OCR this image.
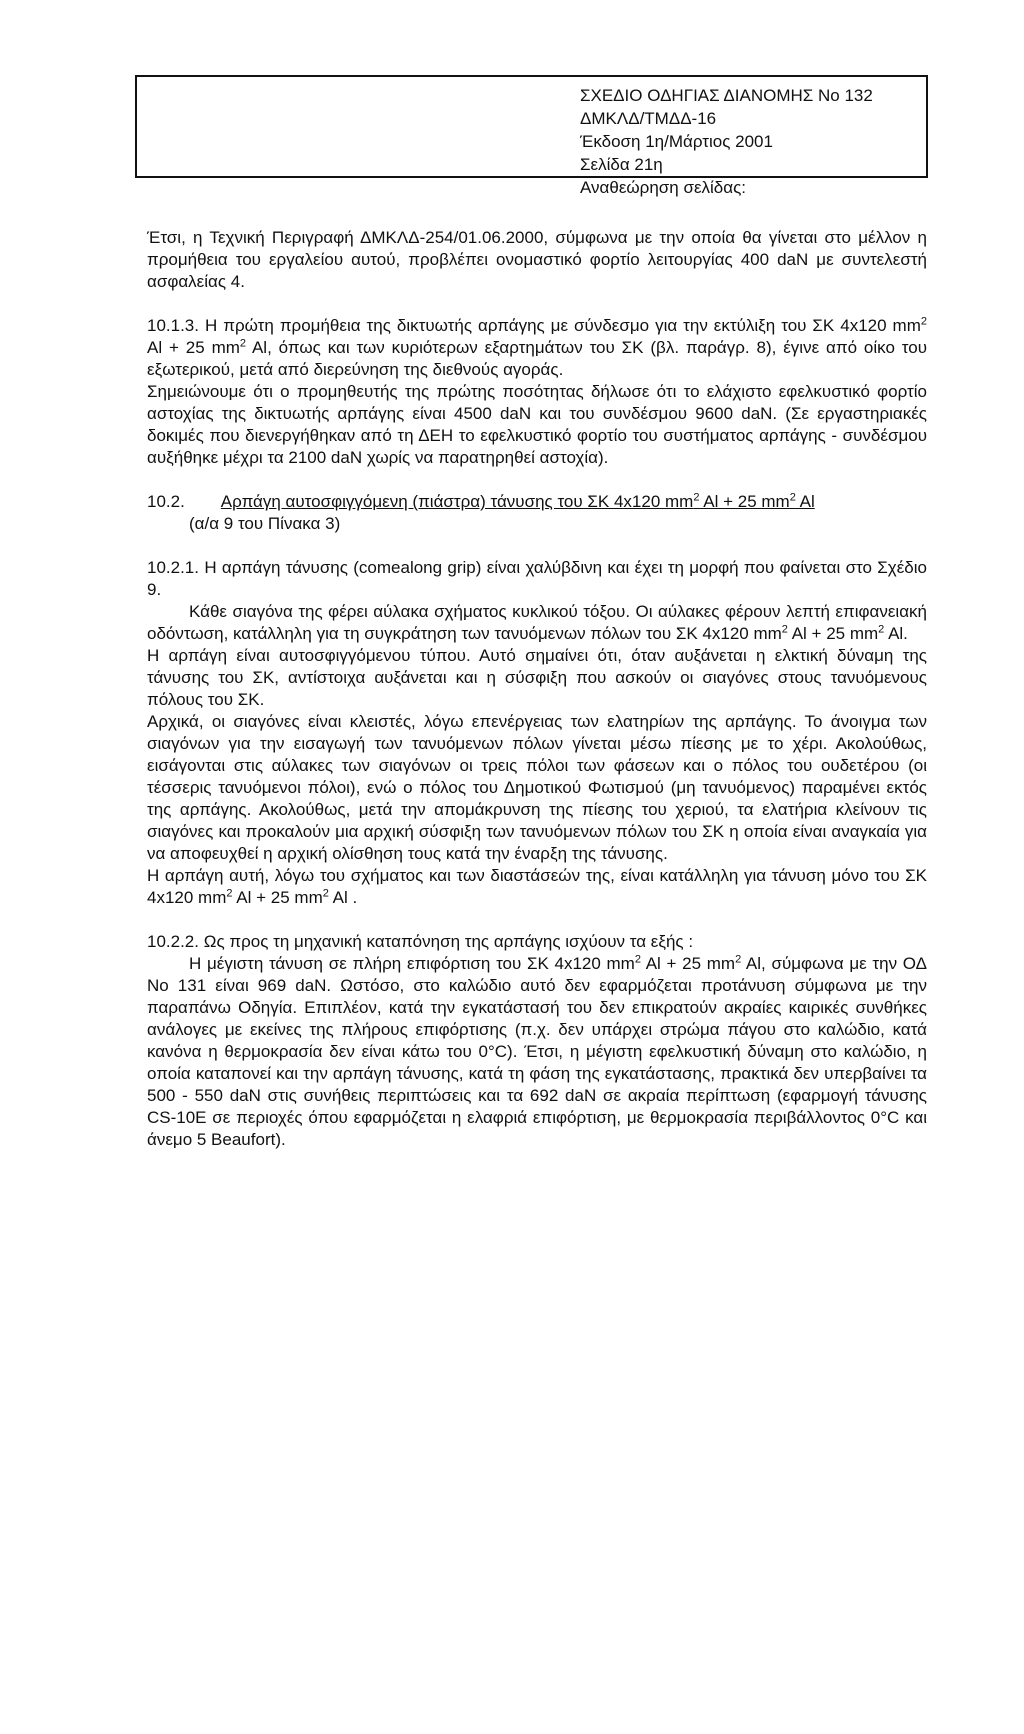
ΣΧΕΔΙΟ ΟΔΗΓΙΑΣ ΔΙΑΝΟΜΗΣ Νο 132
ΔΜΚΛΔ/ΤΜΔΔ-16
Έκδοση 1η/Μάρτιος 2001
Σελίδα 21η
Αναθεώρηση σελίδας:

Έτσι, η Τεχνική Περιγραφή ΔΜΚΛΔ-254/01.06.2000, σύμφωνα με την οποία θα γίνεται στο μέλλον η προμήθεια του εργαλείου αυτού, προβλέπει ονομαστικό φορτίο λειτουργίας 400 daN με συντελεστή ασφαλείας 4.

10.1.3. Η πρώτη προμήθεια της δικτυωτής αρπάγης με σύνδεσμο για την εκτύλιξη του ΣΚ 4x120 $mm^2$ Al + 25 $mm^2$ Al, όπως και των κυριότερων εξαρτημάτων του ΣΚ (βλ. παράγρ. 8), έγινε από οίκο του εξωτερικού, μετά από διερεύνηση της διεθνούς αγοράς.

Σημειώνουμε ότι ο προμηθευτής της πρώτης ποσότητας δήλωσε ότι το ελάχιστο εφελκυστικό φορτίο αστοχίας της δικτυωτής αρπάγης είναι 4500 daN και του συνδέσμου 9600 daN. (Σε εργαστηριακές δοκιμές που διενεργήθηκαν από τη ΔΕΗ το εφελκυστικό φορτίο του συστήματος αρπάγης - συνδέσμου αυξήθηκε μέχρι τα 2100 daN χωρίς να παρατηρηθεί αστοχία).

10.2. Αρπάγη αυτοσφιγγόμενη (πιάστρα) τάνυσης του ΣΚ 4x120 $mm^2$ Al + 25 $mm^2$ Al

(α/α 9 του Πίνακα 3)

10.2.1. Η αρπάγη τάνυσης (comealong grip) είναι χαλύβδινη και έχει τη μορφή που φαίνεται στο Σχέδιο 9.

Κάθε σιαγόνα της φέρει αύλακα σχήματος κυκλικού τόξου. Οι αύλακες φέρουν λεπτή επιφανειακή οδόντωση, κατάλληλη για τη συγκράτηση των τανυόμενων πόλων του ΣΚ 4x120 $mm^2$ Al + 25 $mm^2$ Al.

Η αρπάγη είναι αυτοσφιγγόμενου τύπου. Αυτό σημαίνει ότι, όταν αυξάνεται η ελκτική δύναμη της τάνυσης του ΣΚ, αντίστοιχα αυξάνεται και η σύσφιξη που ασκούν οι σιαγόνες στους τανυόμενους πόλους του ΣΚ.

Αρχικά, οι σιαγόνες είναι κλειστές, λόγω επενέργειας των ελατηρίων της αρπάγης. Το άνοιγμα των σιαγόνων για την εισαγωγή των τανυόμενων πόλων γίνεται μέσω πίεσης με το χέρι. Ακολούθως, εισάγονται στις αύλακες των σιαγόνων οι τρεις πόλοι των φάσεων και ο πόλος του ουδετέρου (οι τέσσερις τανυόμενοι πόλοι), ενώ ο πόλος του Δημοτικού Φωτισμού (μη τανυόμενος) παραμένει εκτός της αρπάγης. Ακολούθως, μετά την απομάκρυνση της πίεσης του χεριού, τα ελατήρια κλείνουν τις σιαγόνες και προκαλούν μια αρχική σύσφιξη των τανυόμενων πόλων του ΣΚ η οποία είναι αναγκαία για να αποφευχθεί η αρχική ολίσθηση τους κατά την έναρξη της τάνυσης.

Η αρπάγη αυτή, λόγω του σχήματος και των διαστάσεών της, είναι κατάλληλη για τάνυση μόνο του ΣΚ 4x120 $mm^2$ Al + 25 $mm^2$ Al .

10.2.2. Ως προς τη μηχανική καταπόνηση της αρπάγης ισχύουν τα εξής :

Η μέγιστη τάνυση σε πλήρη επιφόρτιση του ΣΚ 4x120 $mm^2$ Al + 25 $mm^2$ Al, σύμφωνα με την ΟΔ Νο 131 είναι 969 daN. Ωστόσο, στο καλώδιο αυτό δεν εφαρμόζεται προτάνυση σύμφωνα με την παραπάνω Οδηγία. Επιπλέον, κατά την εγκατάστασή του δεν επικρατούν ακραίες καιρικές συνθήκες ανάλογες με εκείνες της πλήρους επιφόρτισης (π.χ. δεν υπάρχει στρώμα πάγου στο καλώδιο, κατά κανόνα η θερμοκρασία δεν είναι κάτω του 0°C). Έτσι, η μέγιστη εφελκυστική δύναμη στο καλώδιο, η οποία καταπονεί και την αρπάγη τάνυσης, κατά τη φάση της εγκατάστασης, πρακτικά δεν υπερβαίνει τα 500 - 550 daN στις συνήθεις περιπτώσεις και τα 692 daN σε ακραία περίπτωση (εφαρμογή τάνυσης CS-10E σε περιοχές όπου εφαρμόζεται η ελαφριά επιφόρτιση, με θερμοκρασία περιβάλλοντος 0°C και άνεμο 5 Beaufort).
